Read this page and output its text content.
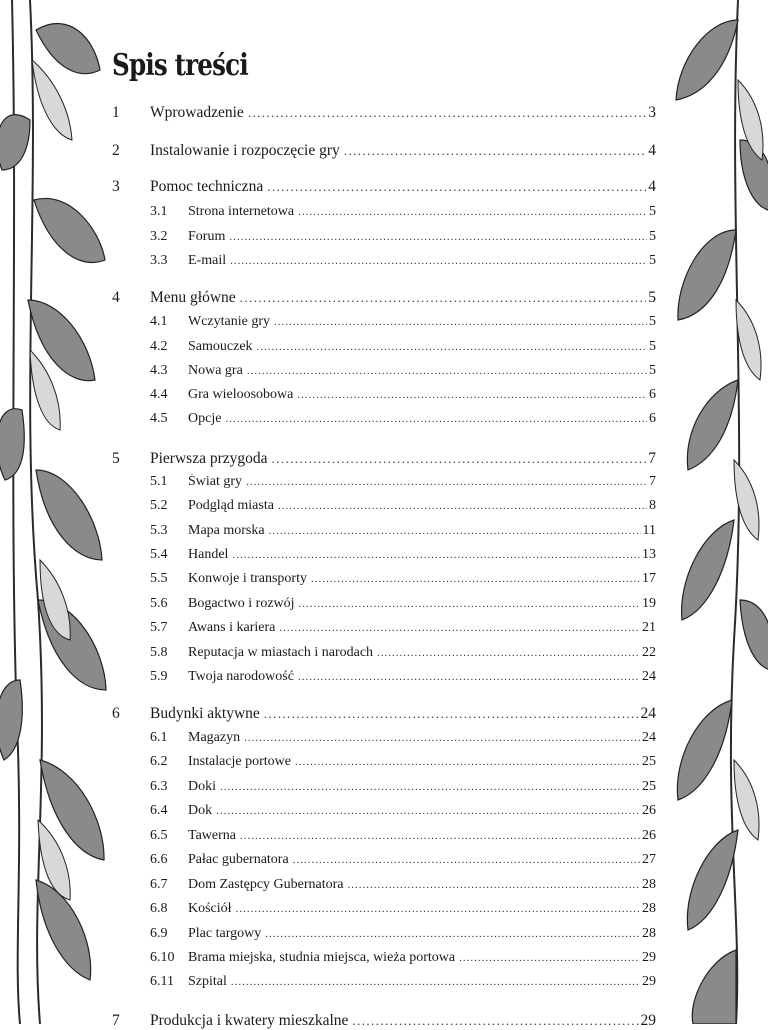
Spis treści
1	Wprowadzenie .....	3
2	Instalowanie i rozpoczęcie gry .....	4
3	Pomoc techniczna .....	4
3.1	Strona internetowa .....	5
3.2	Forum .....	5
3.3	E-mail .....	5
4	Menu główne .....	5
4.1	Wczytanie gry .....	5
4.2	Samouczek .....	5
4.3	Nowa gra .....	5
4.4	Gra wieloosobowa .....	6
4.5	Opcje .....	6
5	Pierwsza przygoda .....	7
5.1	Świat gry .....	7
5.2	Podgląd miasta .....	8
5.3	Mapa morska .....	11
5.4	Handel .....	13
5.5	Konwoje i transporty .....	17
5.6	Bogactwo i rozwój .....	19
5.7	Awans i kariera .....	21
5.8	Reputacja w miastach i narodach .....	22
5.9	Twoja narodowość .....	24
6	Budynki aktywne .....	24
6.1	Magazyn .....	24
6.2	Instalacje portowe .....	25
6.3	Doki .....	25
6.4	Dok .....	26
6.5	Tawerna .....	26
6.6	Pałac gubernatora .....	27
6.7	Dom Zastępcy Gubernatora .....	28
6.8	Kościół .....	28
6.9	Plac targowy .....	28
6.10 Brama miejska, studnia miejsca, wieża portowa .....	29
6.11	Szpital .....	29
7	Produkcja i kwatery mieszkalne .....	29
